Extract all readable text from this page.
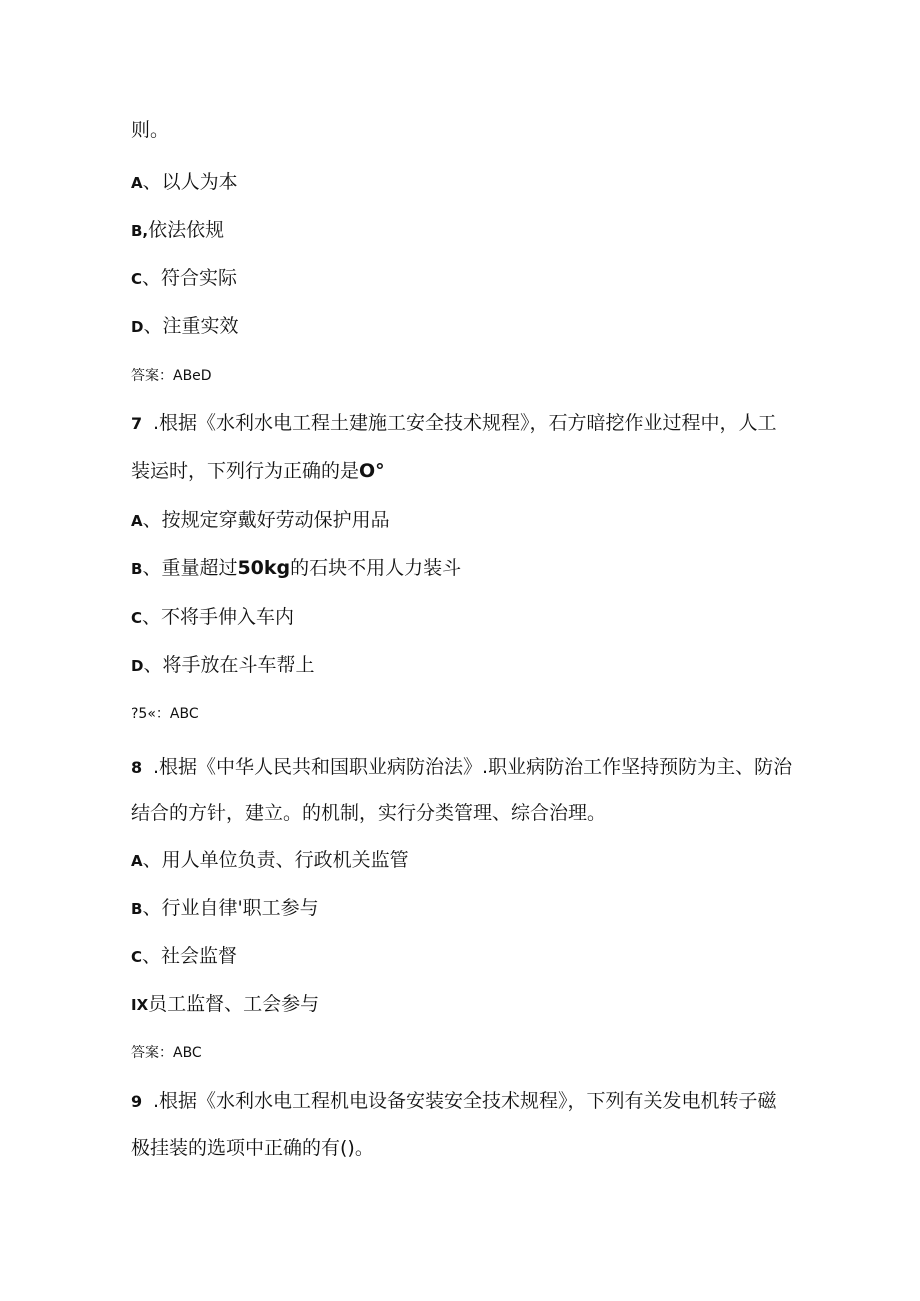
则。
A、以人为本
B,依法依规
C、符合实际
D、注重实效
答案：ABeD
7 .根据《水利水电工程土建施工安全技术规程》，石方暗挖作业过程中，人工
装运时，下列行为正确的是O°
A、按规定穿戴好劳动保护用品
B、重量超过50kg的石块不用人力装斗
C、不将手伸入车内
D、将手放在斗车帮上
?5«：ABC
8 .根据《中华人民共和国职业病防治法》.职业病防治工作坚持预防为主、防治
结合的方针，建立。的机制，实行分类管理、综合治理。
A、用人单位负责、行政机关监管
B、行业自律'职工参与
C、社会监督
IX员工监督、工会参与
答案：ABC
9 .根据《水利水电工程机电设备安装安全技术规程》，下列有关发电机转子磁
极挂装的选项中正确的有()。
